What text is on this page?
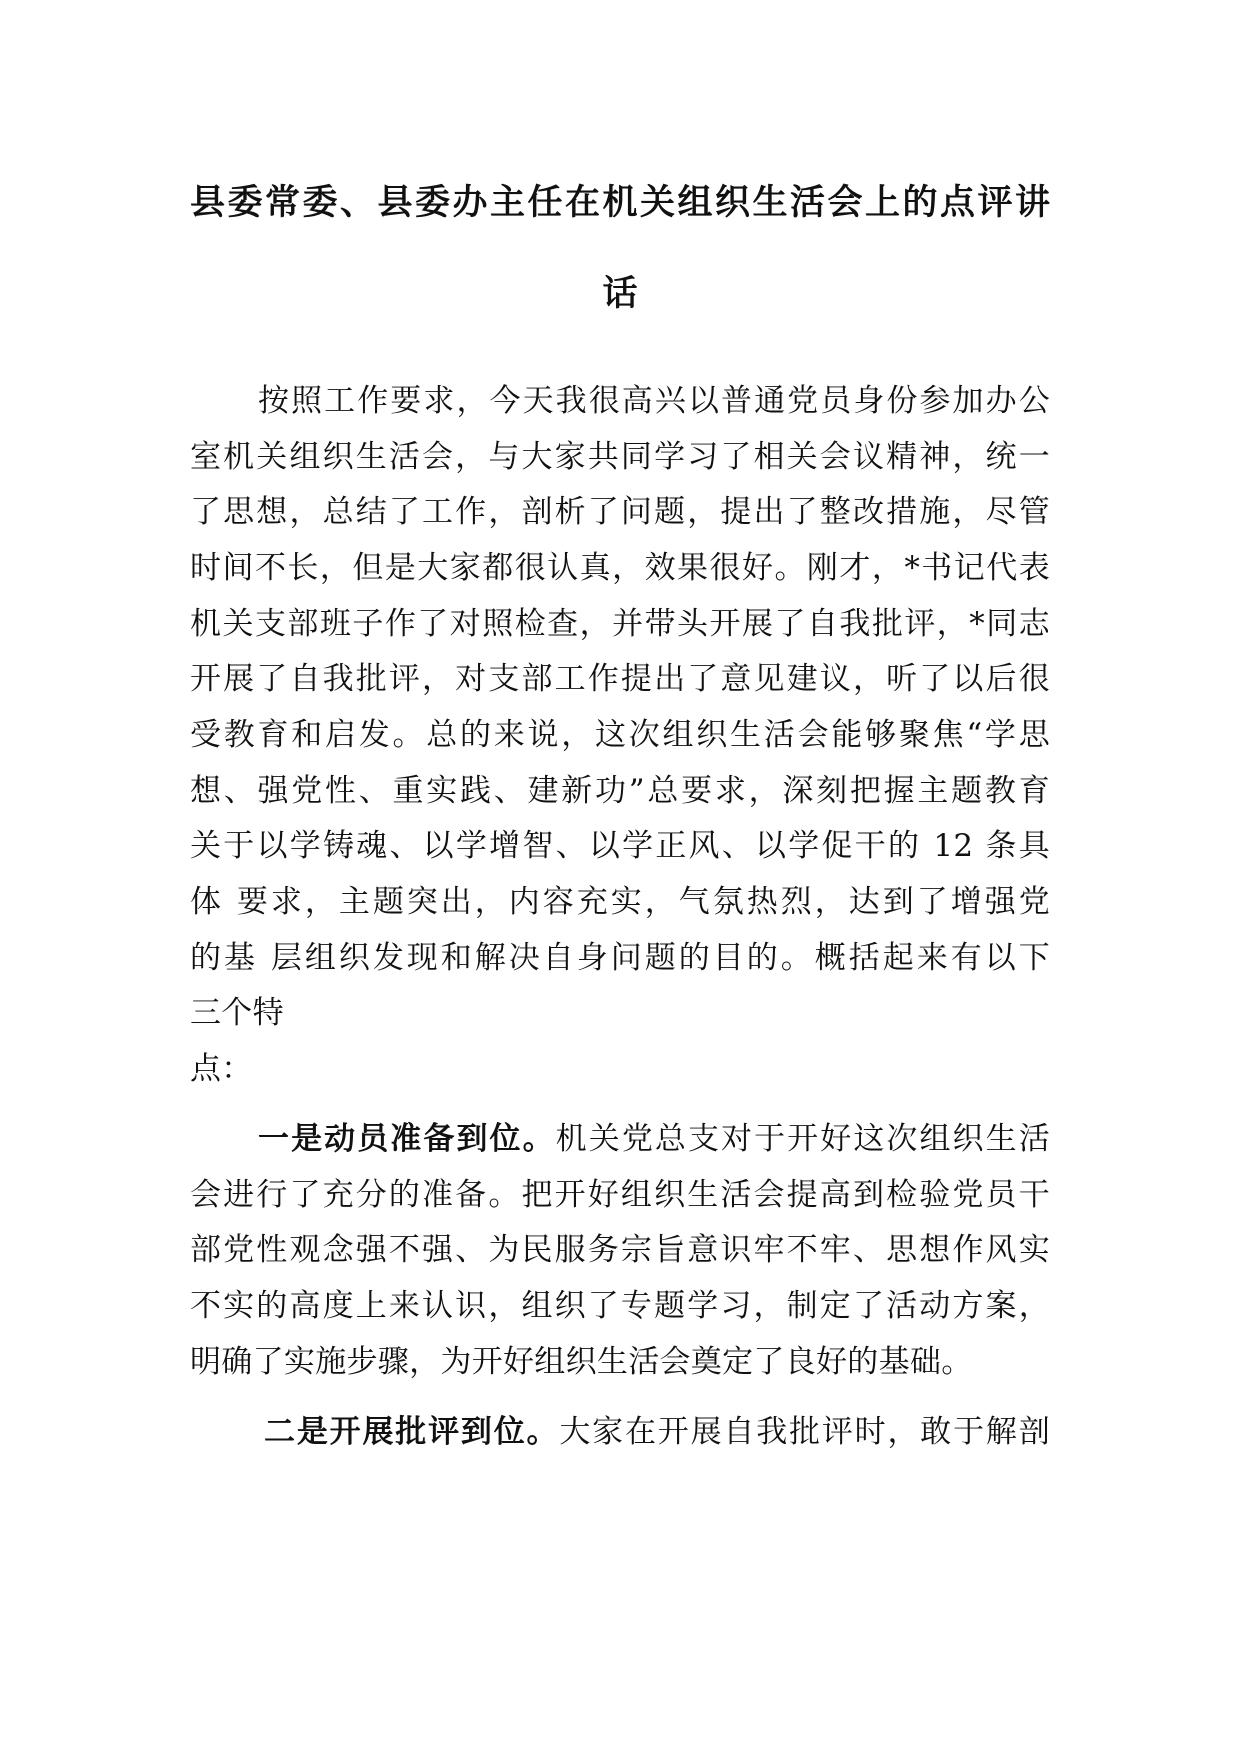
县委常委、县委办主任在机关组织生活会上的点评讲
话
按照工作要求，今天我很高兴以普通党员身份参加办公
室机关组织生活会，与大家共同学习了相关会议精神，统一
了思想，总结了工作，剖析了问题，提出了整改措施，尽管
时间不长，但是大家都很认真，效果很好。刚才，*书记代表
机关支部班子作了对照检查，并带头开展了自我批评，*同志
开展了自我批评，对支部工作提出了意见建议，听了以后很
受教育和启发。总的来说，这次组织生活会能够聚焦“学思
想、强党性、重实践、建新功”总要求，深刻把握主题教育
关于以学铸魂、以学增智、以学正风、以学促干的 12 条具
体 要求，主题突出，内容充实，气氛热烈，达到了增强党
的基 层组织发现和解决自身问题的目的。概括起来有以下
三个特
点：
一是动员准备到位。机关党总支对于开好这次组织生活
会进行了充分的准备。把开好组织生活会提高到检验党员干
部党性观念强不强、为民服务宗旨意识牢不牢、思想作风实
不实的高度上来认识，组织了专题学习，制定了活动方案，
明确了实施步骤，为开好组织生活会奠定了良好的基础。
二是开展批评到位。大家在开展自我批评时，敢于解剖
